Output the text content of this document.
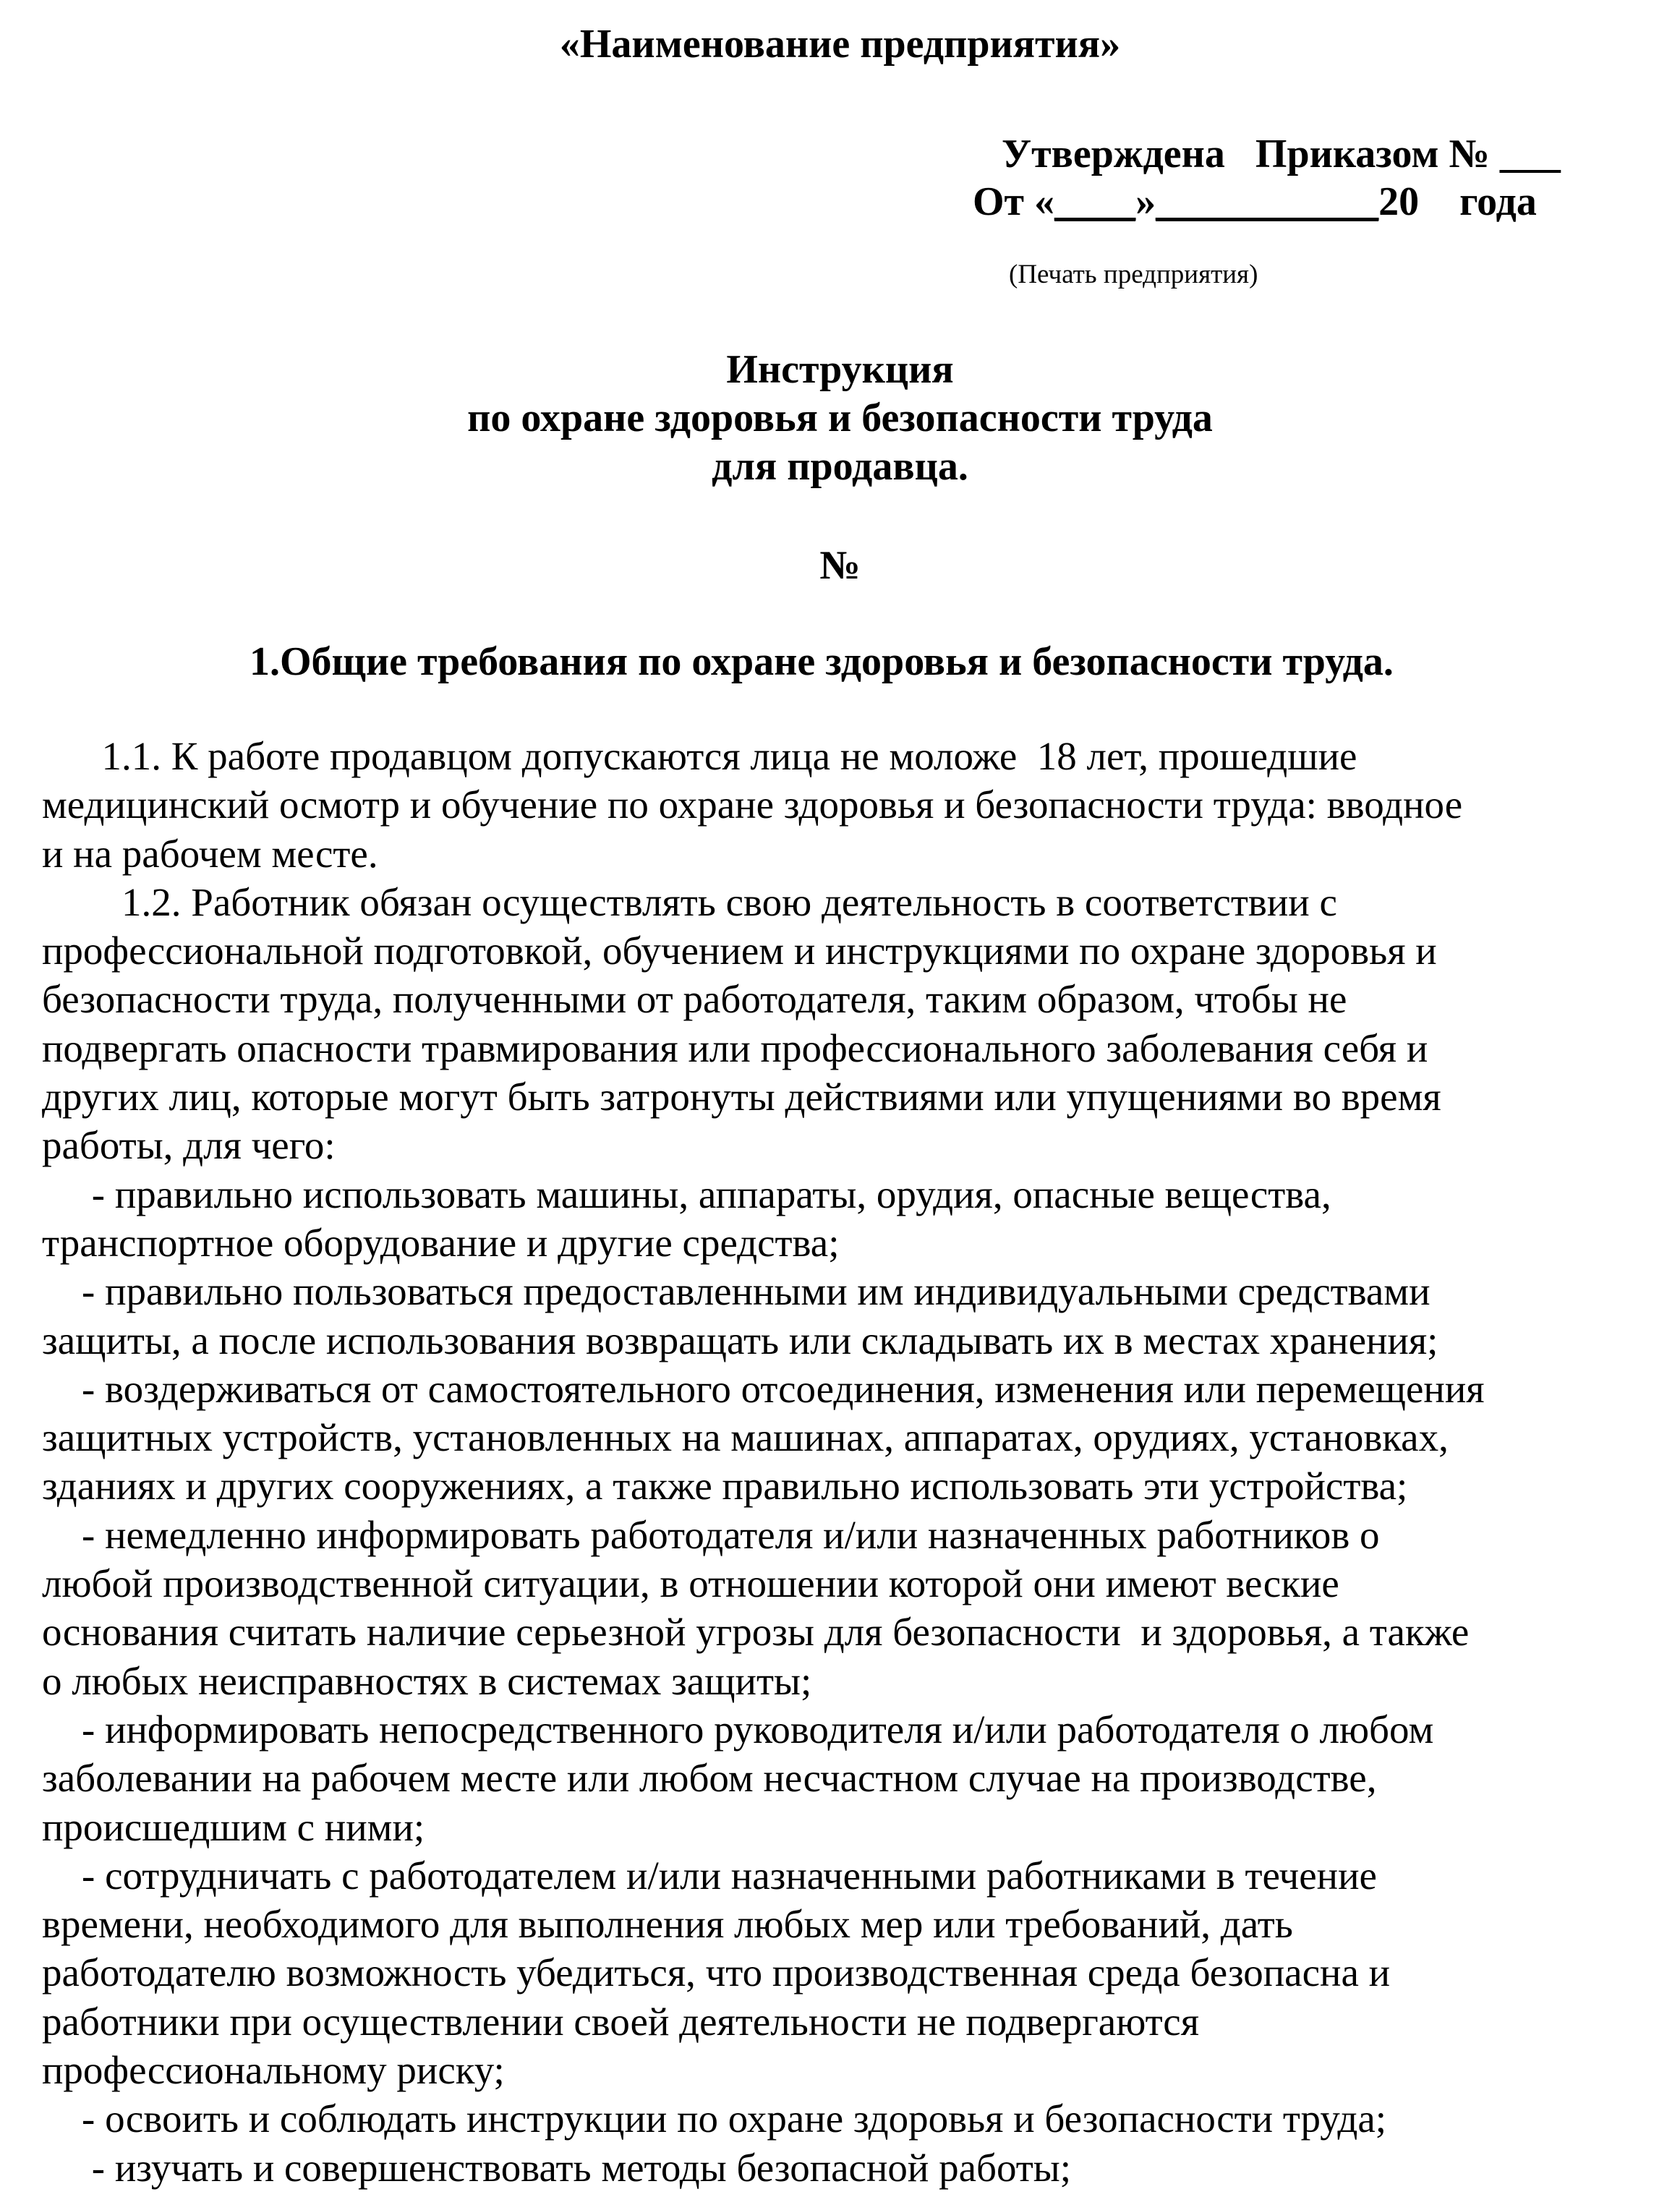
«Наименование предприятия»
Утверждена   Приказом № ___
От «____»___________20    года
(Печать предприятия)
Инструкция
по охране здоровья и безопасности труда
для продавца.
№
1.Общие требования по охране здоровья и безопасности труда.
1.1. К работе продавцом допускаются лица не моложе  18 лет, прошедшие
медицинский осмотр и обучение по охране здоровья и безопасности труда: вводное
и на рабочем месте.
1.2. Работник обязан осуществлять свою деятельность в соответствии с
профессиональной подготовкой, обучением и инструкциями по охране здоровья и
безопасности труда, полученными от работодателя, таким образом, чтобы не
подвергать опасности травмирования или профессионального заболевания себя и
других лиц, которые могут быть затронуты действиями или упущениями во время
работы, для чего:
- правильно использовать машины, аппараты, орудия, опасные вещества,
транспортное оборудование и другие средства;
- правильно пользоваться предоставленными им индивидуальными средствами
защиты, а после использования возвращать или складывать их в местах хранения;
- воздерживаться от самостоятельного отсоединения, изменения или перемещения
защитных устройств, установленных на машинах, аппаратах, орудиях, установках,
зданиях и других сооружениях, а также правильно использовать эти устройства;
- немедленно информировать работодателя и/или назначенных работников о
любой производственной ситуации, в отношении которой они имеют веские
основания считать наличие серьезной угрозы для безопасности  и здоровья, а также
о любых неисправностях в системах защиты;
- информировать непосредственного руководителя и/или работодателя о любом
заболевании на рабочем месте или любом несчастном случае на производстве,
происшедшим с ними;
- сотрудничать с работодателем и/или назначенными работниками в течение
времени, необходимого для выполнения любых мер или требований, дать
работодателю возможность убедиться, что производственная среда безопасна и
работники при осуществлении своей деятельности не подвергаются
профессиональному риску;
- освоить и соблюдать инструкции по охране здоровья и безопасности труда;
- изучать и совершенствовать методы безопасной работы;
